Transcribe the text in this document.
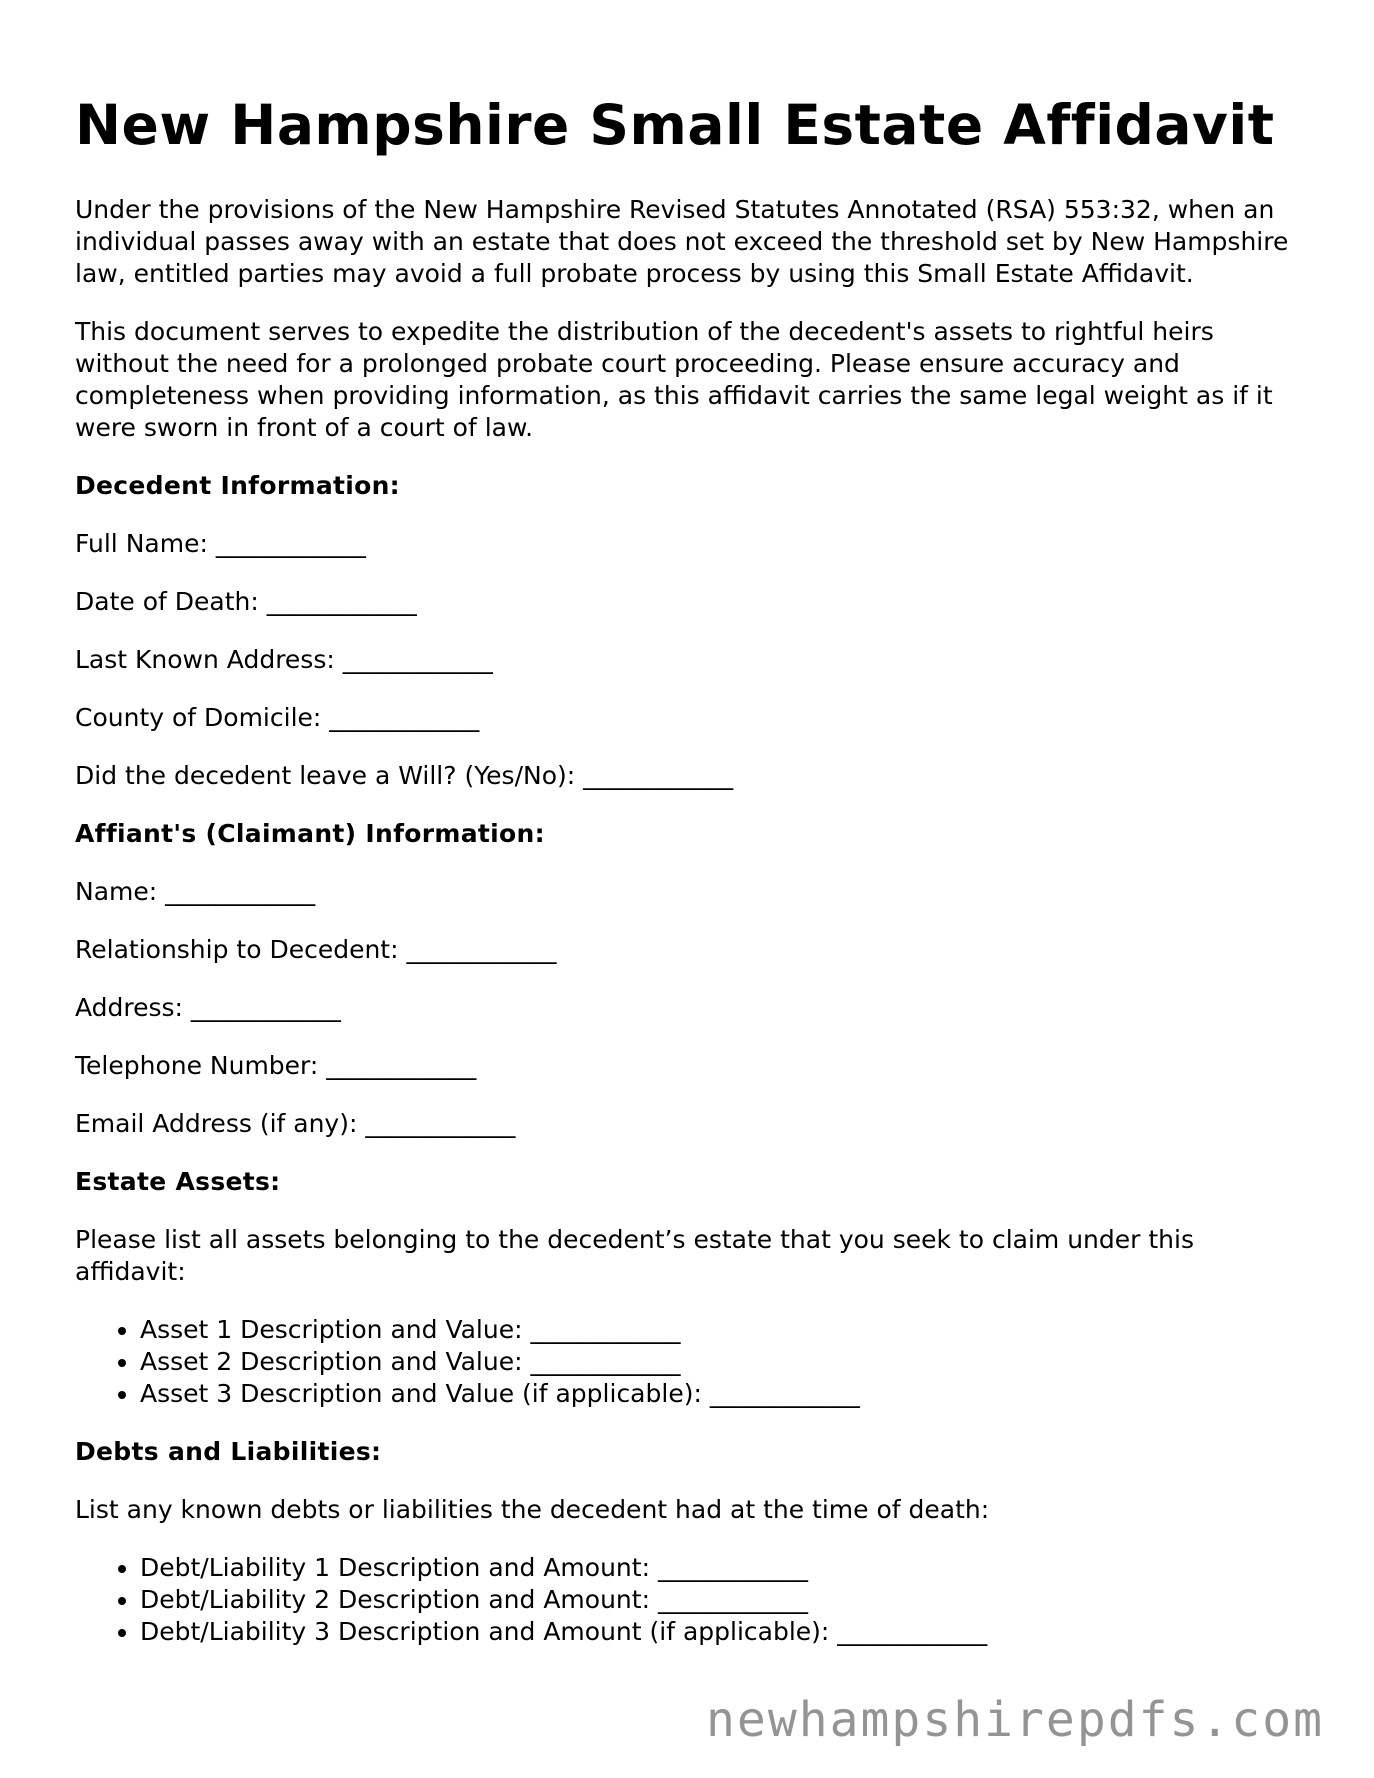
New Hampshire Small Estate Affidavit

Under the provisions of the New Hampshire Revised Statutes Annotated (RSA) 553:32, when an individual passes away with an estate that does not exceed the threshold set by New Hampshire law, entitled parties may avoid a full probate process by using this Small Estate Affidavit.

This document serves to expedite the distribution of the decedent's assets to rightful heirs without the need for a prolonged probate court proceeding. Please ensure accuracy and completeness when providing information, as this affidavit carries the same legal weight as if it were sworn in front of a court of law.

Decedent Information:
Full Name: ____________
Date of Death: ____________
Last Known Address: ____________
County of Domicile: ____________
Did the decedent leave a Will? (Yes/No): ____________
Affiant's (Claimant) Information:
Name: ____________
Relationship to Decedent: ____________
Address: ____________
Telephone Number: ____________
Email Address (if any): ____________
Estate Assets:

Please list all assets belonging to the decedent’s estate that you seek to claim under this affidavit:

• Asset 1 Description and Value: ____________
• Asset 2 Description and Value: ____________
• Asset 3 Description and Value (if applicable): ____________
Debts and Liabilities:

List any known debts or liabilities the decedent had at the time of death:

• Debt/Liability 1 Description and Amount: ____________
• Debt/Liability 2 Description and Amount: ____________
• Debt/Liability 3 Description and Amount (if applicable): ____________
newhampshirepdfs.com
